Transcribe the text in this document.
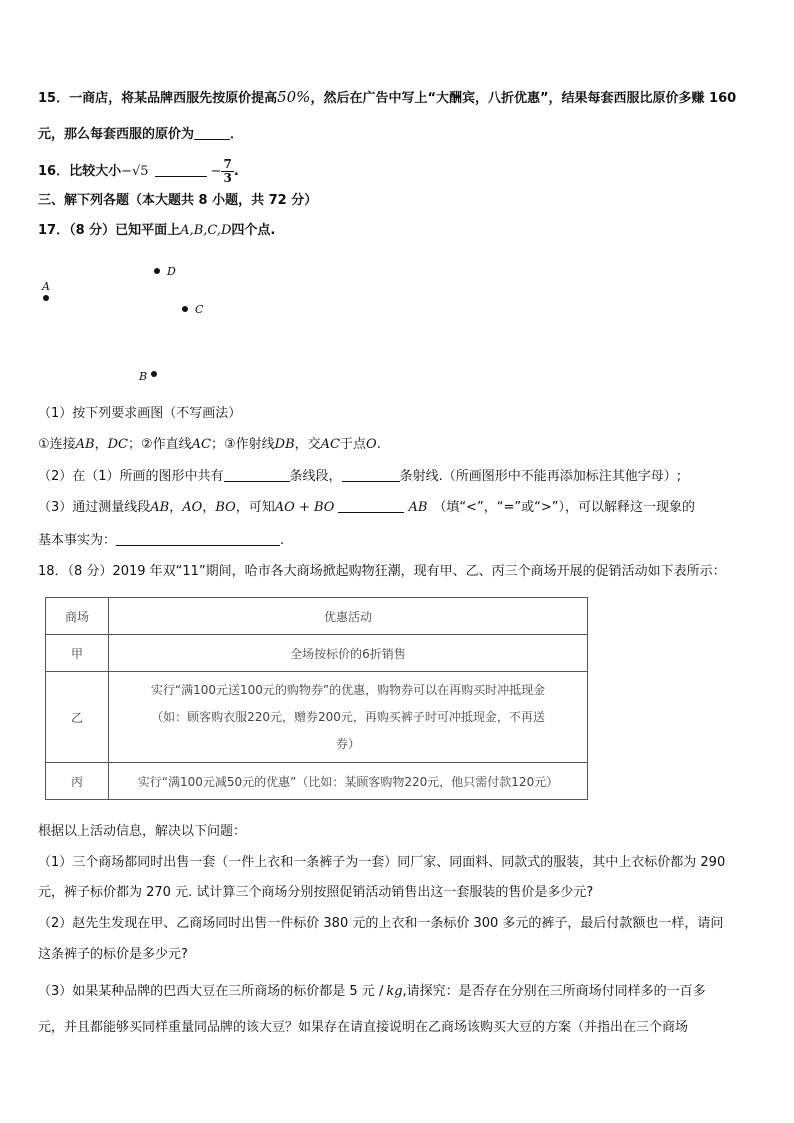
15．一商店，将某品牌西服先按原价提高50%，然后在广告中写上“大酬宾，八折优惠”，结果每套西服比原价多赚 160
元，那么每套西服的原价为	．
16．比较大小−√5	− $\frac{7}{3}$ .
三、解下列各题（本大题共 8 小题，共 72 分）
17．（8 分）已知平面上A,B,C,D四个点.
A
D
C
B
（1）按下列要求画图（不写画法）
①连接AB，DC；②作直线AC；③作射线DB，交AC于点O.
（2）在（1）所画的图形中共有	条线段，	条射线.（所画图形中不能再添加标注其他字母）;
（3）通过测量线段AB，AO，BO，可知AO + BO	AB （填“<”，“=”或“>”），可以解释这一现象的
基本事实为：	.
18．（8 分）2019 年双“11”期间，哈市各大商场掀起购物狂潮，现有甲、乙、丙三个商场开展的促销活动如下表所示：
商场	优惠活动
甲	全场按标价的6折销售
乙	实行“满100元送100元的购物券”的优惠，购物券可以在再购买时冲抵现金
（如：顾客购衣服220元，赠券200元，再购买裤子时可冲抵现金，不再送
券）

丙	实行“满100元减50元的优惠”（比如：某顾客购物220元，他只需付款120元）
根据以上活动信息，解决以下问题：
（1）三个商场都同时出售一套（一件上衣和一条裤子为一套）同厂家、同面料、同款式的服装，其中上衣标价都为 290
元，裤子标价都为 270 元. 试计算三个商场分别按照促销活动销售出这一套服装的售价是多少元?
（2）赵先生发现在甲、乙商场同时出售一件标价 380 元的上衣和一条标价 300 多元的裤子，最后付款额也一样，请问
这条裤子的标价是多少元?
（3）如果某种品牌的巴西大豆在三所商场的标价都是 5 元 / kg,请探究：是否存在分别在三所商场付同样多的一百多
元，并且都能够买同样重量同品牌的该大豆？如果存在请直接说明在乙商场该购买大豆的方案（并指出在三个商场
